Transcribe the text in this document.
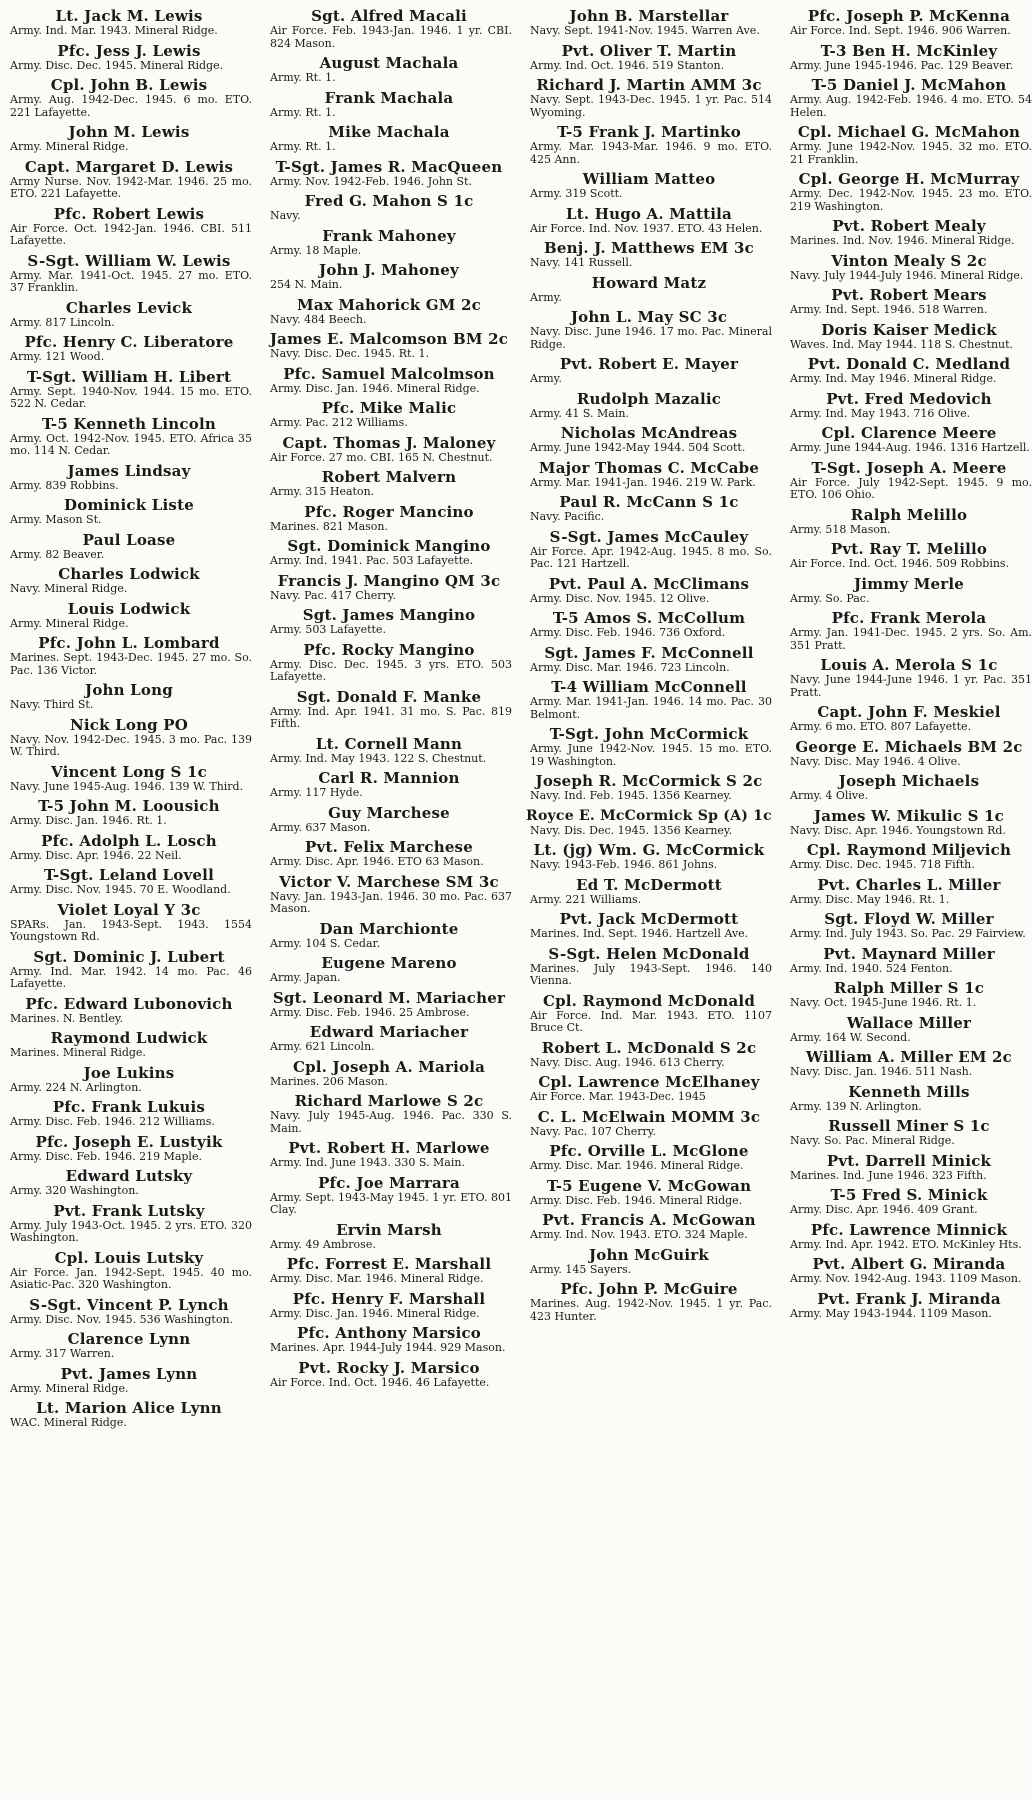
Lt. Jack M. Lewis
Army. Ind. Mar. 1943. Mineral Ridge.
Pfc. Jess J. Lewis
Army. Disc. Dec. 1945. Mineral Ridge.
Cpl. John B. Lewis
Army. Aug. 1942-Dec. 1945. 6 mo. ETO. 221 Lafayette.
John M. Lewis
Army. Mineral Ridge.
Capt. Margaret D. Lewis
Army Nurse. Nov. 1942-Mar. 1946. 25 mo. ETO. 221 Lafayette.
Pfc. Robert Lewis
Air Force. Oct. 1942-Jan. 1946. CBI. 511 Lafayette.
S-Sgt. William W. Lewis
Army. Mar. 1941-Oct. 1945. 27 mo. ETO. 37 Franklin.
Charles Levick
Army. 817 Lincoln.
Pfc. Henry C. Liberatore
Army. 121 Wood.
T-Sgt. William H. Libert
Army. Sept. 1940-Nov. 1944. 15 mo. ETO. 522 N. Cedar.
T-5 Kenneth Lincoln
Army. Oct. 1942-Nov. 1945. ETO. Africa 35 mo. 114 N. Cedar.
James Lindsay
Army. 839 Robbins.
Dominick Liste
Army. Mason St.
Paul Loase
Army. 82 Beaver.
Charles Lodwick
Navy. Mineral Ridge.
Louis Lodwick
Army. Mineral Ridge.
Pfc. John L. Lombard
Marines. Sept. 1943-Dec. 1945. 27 mo. So. Pac. 136 Victor.
John Long
Navy. Third St.
Nick Long PO
Navy. Nov. 1942-Dec. 1945. 3 mo. Pac. 139 W. Third.
Vincent Long S 1c
Navy. June 1945-Aug. 1946. 139 W. Third.
T-5 John M. Loousich
Army. Disc. Jan. 1946. Rt. 1.
Pfc. Adolph L. Losch
Army. Disc. Apr. 1946. 22 Neil.
T-Sgt. Leland Lovell
Army. Disc. Nov. 1945. 70 E. Woodland.
Violet Loyal Y 3c
SPARs. Jan. 1943-Sept. 1943. 1554 Youngstown Rd.
Sgt. Dominic J. Lubert
Army. Ind. Mar. 1942. 14 mo. Pac. 46 Lafayette.
Pfc. Edward Lubonovich
Marines. N. Bentley.
Raymond Ludwick
Marines. Mineral Ridge.
Joe Lukins
Army. 224 N. Arlington.
Pfc. Frank Lukuis
Army. Disc. Feb. 1946. 212 Williams.
Pfc. Joseph E. Lustyik
Army. Disc. Feb. 1946. 219 Maple.
Edward Lutsky
Army. 320 Washington.
Pvt. Frank Lutsky
Army. July 1943-Oct. 1945. 2 yrs. ETO. 320 Washington.
Cpl. Louis Lutsky
Air Force. Jan. 1942-Sept. 1945. 40 mo. Asiatic-Pac. 320 Washington.
S-Sgt. Vincent P. Lynch
Army. Disc. Nov. 1945. 536 Washington.
Clarence Lynn
Army. 317 Warren.
Pvt. James Lynn
Army. Mineral Ridge.
Lt. Marion Alice Lynn
WAC. Mineral Ridge.
Sgt. Alfred Macali
Air Force. Feb. 1943-Jan. 1946. 1 yr. CBI. 824 Mason.
August Machala
Army. Rt. 1.
Frank Machala
Army. Rt. 1.
Mike Machala
Army. Rt. 1.
T-Sgt. James R. MacQueen
Army. Nov. 1942-Feb. 1946. John St.
Fred G. Mahon S 1c
Navy.
Frank Mahoney
Army. 18 Maple.
John J. Mahoney
254 N. Main.
Max Mahorick GM 2c
Navy. 484 Beech.
James E. Malcomson BM 2c
Navy. Disc. Dec. 1945. Rt. 1.
Pfc. Samuel Malcolmson
Army. Disc. Jan. 1946. Mineral Ridge.
Pfc. Mike Malic
Army. Pac. 212 Williams.
Capt. Thomas J. Maloney
Air Force. 27 mo. CBI. 165 N. Chestnut.
Robert Malvern
Army. 315 Heaton.
Pfc. Roger Mancino
Marines. 821 Mason.
Sgt. Dominick Mangino
Army. Ind. 1941. Pac. 503 Lafayette.
Francis J. Mangino QM 3c
Navy. Pac. 417 Cherry.
Sgt. James Mangino
Army. 503 Lafayette.
Pfc. Rocky Mangino
Army. Disc. Dec. 1945. 3 yrs. ETO. 503 Lafayette.
Sgt. Donald F. Manke
Army. Ind. Apr. 1941. 31 mo. S. Pac. 819 Fifth.
Lt. Cornell Mann
Army. Ind. May 1943. 122 S. Chestnut.
Carl R. Mannion
Army. 117 Hyde.
Guy Marchese
Army. 637 Mason.
Pvt. Felix Marchese
Army. Disc. Apr. 1946. ETO 63 Mason.
Victor V. Marchese SM 3c
Navy. Jan. 1943-Jan. 1946. 30 mo. Pac. 637 Mason.
Dan Marchionte
Army. 104 S. Cedar.
Eugene Mareno
Army. Japan.
Sgt. Leonard M. Mariacher
Army. Disc. Feb. 1946. 25 Ambrose.
Edward Mariacher
Army. 621 Lincoln.
Cpl. Joseph A. Mariola
Marines. 206 Mason.
Richard Marlowe S 2c
Navy. July 1945-Aug. 1946. Pac. 330 S. Main.
Pvt. Robert H. Marlowe
Army. Ind. June 1943. 330 S. Main.
Pfc. Joe Marrara
Army. Sept. 1943-May 1945. 1 yr. ETO. 801 Clay.
Ervin Marsh
Army. 49 Ambrose.
Pfc. Forrest E. Marshall
Army. Disc. Mar. 1946. Mineral Ridge.
Pfc. Henry F. Marshall
Army. Disc. Jan. 1946. Mineral Ridge.
Pfc. Anthony Marsico
Marines. Apr. 1944-July 1944. 929 Mason.
Pvt. Rocky J. Marsico
Air Force. Ind. Oct. 1946. 46 Lafayette.
John B. Marstellar
Navy. Sept. 1941-Nov. 1945. Warren Ave.
Pvt. Oliver T. Martin
Army. Ind. Oct. 1946. 519 Stanton.
Richard J. Martin AMM 3c
Navy. Sept. 1943-Dec. 1945. 1 yr. Pac. 514 Wyoming.
T-5 Frank J. Martinko
Army. Mar. 1943-Mar. 1946. 9 mo. ETO. 425 Ann.
William Matteo
Army. 319 Scott.
Lt. Hugo A. Mattila
Air Force. Ind. Nov. 1937. ETO. 43 Helen.
Benj. J. Matthews EM 3c
Navy. 141 Russell.
Howard Matz
Army.
John L. May SC 3c
Navy. Disc. June 1946. 17 mo. Pac. Mineral Ridge.
Pvt. Robert E. Mayer
Army.
Rudolph Mazalic
Army. 41 S. Main.
Nicholas McAndreas
Army. June 1942-May 1944. 504 Scott.
Major Thomas C. McCabe
Army. Mar. 1941-Jan. 1946. 219 W. Park.
Paul R. McCann S 1c
Navy. Pacific.
S-Sgt. James McCauley
Air Force. Apr. 1942-Aug. 1945. 8 mo. So. Pac. 121 Hartzell.
Pvt. Paul A. McClimans
Army. Disc. Nov. 1945. 12 Olive.
T-5 Amos S. McCollum
Army. Disc. Feb. 1946. 736 Oxford.
Sgt. James F. McConnell
Army. Disc. Mar. 1946. 723 Lincoln.
T-4 William McConnell
Army. Mar. 1941-Jan. 1946. 14 mo. Pac. 30 Belmont.
T-Sgt. John McCormick
Army. June 1942-Nov. 1945. 15 mo. ETO. 19 Washington.
Joseph R. McCormick S 2c
Navy. Ind. Feb. 1945. 1356 Kearney.
Royce E. McCormick Sp (A) 1c
Navy. Dis. Dec. 1945. 1356 Kearney.
Lt. (jg) Wm. G. McCormick
Navy. 1943-Feb. 1946. 861 Johns.
Ed T. McDermott
Army. 221 Williams.
Pvt. Jack McDermott
Marines. Ind. Sept. 1946. Hartzell Ave.
S-Sgt. Helen McDonald
Marines. July 1943-Sept. 1946. 140 Vienna.
Cpl. Raymond McDonald
Air Force. Ind. Mar. 1943. ETO. 1107 Bruce Ct.
Robert L. McDonald S 2c
Navy. Disc. Aug. 1946. 613 Cherry.
Cpl. Lawrence McElhaney
Air Force. Mar. 1943-Dec. 1945
C. L. McElwain MOMM 3c
Navy. Pac. 107 Cherry.
Pfc. Orville L. McGlone
Army. Disc. Mar. 1946. Mineral Ridge.
T-5 Eugene V. McGowan
Army. Disc. Feb. 1946. Mineral Ridge.
Pvt. Francis A. McGowan
Army. Ind. Nov. 1943. ETO. 324 Maple.
John McGuirk
Army. 145 Sayers.
Pfc. John P. McGuire
Marines. Aug. 1942-Nov. 1945. 1 yr. Pac. 423 Hunter.
Pfc. Joseph P. McKenna
Air Force. Ind. Sept. 1946. 906 Warren.
T-3 Ben H. McKinley
Army. June 1945-1946. Pac. 129 Beaver.
T-5 Daniel J. McMahon
Army. Aug. 1942-Feb. 1946. 4 mo. ETO. 54 Helen.
Cpl. Michael G. McMahon
Army. June 1942-Nov. 1945. 32 mo. ETO. 21 Franklin.
Cpl. George H. McMurray
Army. Dec. 1942-Nov. 1945. 23 mo. ETO. 219 Washington.
Pvt. Robert Mealy
Marines. Ind. Nov. 1946. Mineral Ridge.
Vinton Mealy S 2c
Navy. July 1944-July 1946. Mineral Ridge.
Pvt. Robert Mears
Army. Ind. Sept. 1946. 518 Warren.
Doris Kaiser Medick
Waves. Ind. May 1944. 118 S. Chestnut.
Pvt. Donald C. Medland
Army. Ind. May 1946. Mineral Ridge.
Pvt. Fred Medovich
Army. Ind. May 1943. 716 Olive.
Cpl. Clarence Meere
Army. June 1944-Aug. 1946. 1316 Hartzell.
T-Sgt. Joseph A. Meere
Air Force. July 1942-Sept. 1945. 9 mo. ETO. 106 Ohio.
Ralph Melillo
Army. 518 Mason.
Pvt. Ray T. Melillo
Air Force. Ind. Oct. 1946. 509 Robbins.
Jimmy Merle
Army. So. Pac.
Pfc. Frank Merola
Army. Jan. 1941-Dec. 1945. 2 yrs. So. Am. 351 Pratt.
Louis A. Merola S 1c
Navy. June 1944-June 1946. 1 yr. Pac. 351 Pratt.
Capt. John F. Meskiel
Army. 6 mo. ETO. 807 Lafayette.
George E. Michaels BM 2c
Navy. Disc. May 1946. 4 Olive.
Joseph Michaels
Army. 4 Olive.
James W. Mikulic S 1c
Navy. Disc. Apr. 1946. Youngstown Rd.
Cpl. Raymond Miljevich
Army. Disc. Dec. 1945. 718 Fifth.
Pvt. Charles L. Miller
Army. Disc. May 1946. Rt. 1.
Sgt. Floyd W. Miller
Army. Ind. July 1943. So. Pac. 29 Fairview.
Pvt. Maynard Miller
Army. Ind. 1940. 524 Fenton.
Ralph Miller S 1c
Navy. Oct. 1945-June 1946. Rt. 1.
Wallace Miller
Army. 164 W. Second.
William A. Miller EM 2c
Navy. Disc. Jan. 1946. 511 Nash.
Kenneth Mills
Army. 139 N. Arlington.
Russell Miner S 1c
Navy. So. Pac. Mineral Ridge.
Pvt. Darrell Minick
Marines. Ind. June 1946. 323 Fifth.
T-5 Fred S. Minick
Army. Disc. Apr. 1946. 409 Grant.
Pfc. Lawrence Minnick
Army. Ind. Apr. 1942. ETO. McKinley Hts.
Pvt. Albert G. Miranda
Army. Nov. 1942-Aug. 1943. 1109 Mason.
Pvt. Frank J. Miranda
Army. May 1943-1944. 1109 Mason.
